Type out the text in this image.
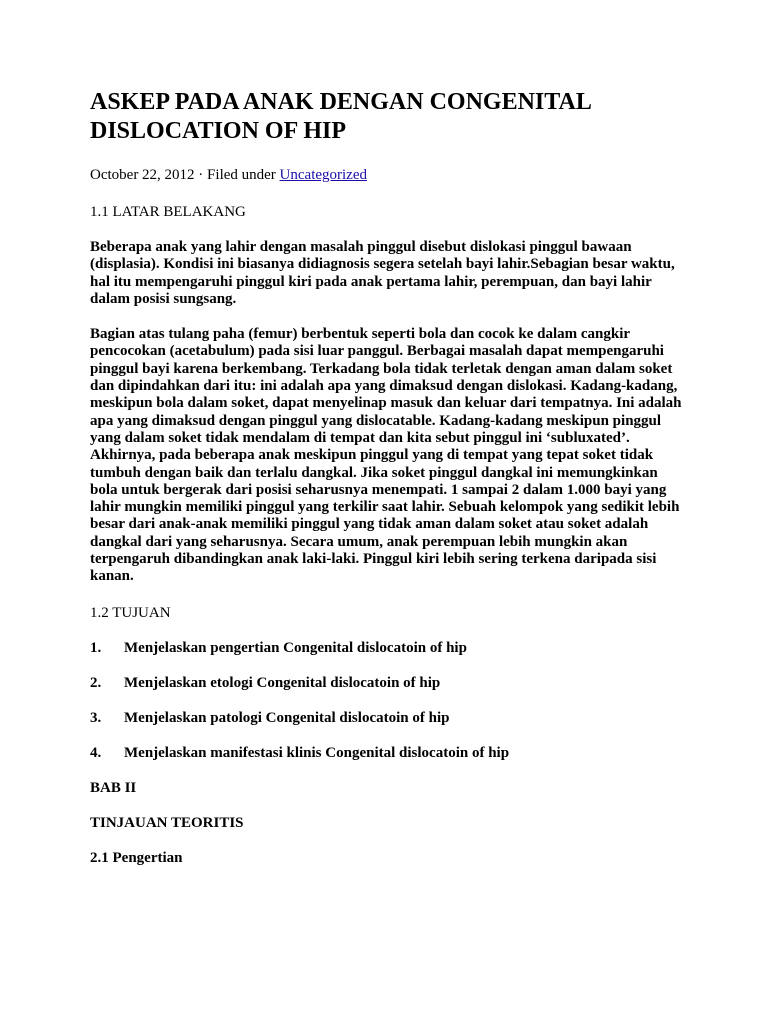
ASKEP PADA ANAK DENGAN CONGENITAL DISLOCATION OF HIP
October 22, 2012 · Filed under Uncategorized
1.1 LATAR BELAKANG
Beberapa anak yang lahir dengan masalah pinggul disebut dislokasi pinggul bawaan (displasia). Kondisi ini biasanya didiagnosis segera setelah bayi lahir.Sebagian besar waktu, hal itu mempengaruhi pinggul kiri pada anak pertama lahir, perempuan, dan bayi lahir dalam posisi sungsang.
Bagian atas tulang paha (femur) berbentuk seperti bola dan cocok ke dalam cangkir pencocokan (acetabulum) pada sisi luar panggul. Berbagai masalah dapat mempengaruhi pinggul bayi karena berkembang. Terkadang bola tidak terletak dengan aman dalam soket dan dipindahkan dari itu: ini adalah apa yang dimaksud dengan dislokasi. Kadang-kadang, meskipun bola dalam soket, dapat menyelinap masuk dan keluar dari tempatnya. Ini adalah apa yang dimaksud dengan pinggul yang dislocatable. Kadang-kadang meskipun pinggul yang dalam soket tidak mendalam di tempat dan kita sebut pinggul ini ‘subluxated’. Akhirnya, pada beberapa anak meskipun pinggul yang di tempat yang tepat soket tidak tumbuh dengan baik dan terlalu dangkal. Jika soket pinggul dangkal ini memungkinkan bola untuk bergerak dari posisi seharusnya menempati. 1 sampai 2 dalam 1.000 bayi yang lahir mungkin memiliki pinggul yang terkilir saat lahir. Sebuah kelompok yang sedikit lebih besar dari anak-anak memiliki pinggul yang tidak aman dalam soket atau soket adalah dangkal dari yang seharusnya. Secara umum, anak perempuan lebih mungkin akan terpengaruh dibandingkan anak laki-laki. Pinggul kiri lebih sering terkena daripada sisi kanan.
1.2 TUJUAN
1.	Menjelaskan pengertian Congenital dislocatoin of hip
2.	Menjelaskan etologi Congenital dislocatoin of hip
3.	Menjelaskan patologi Congenital dislocatoin of hip
4.	Menjelaskan manifestasi klinis Congenital dislocatoin of hip
BAB II
TINJAUAN TEORITIS
2.1 Pengertian
